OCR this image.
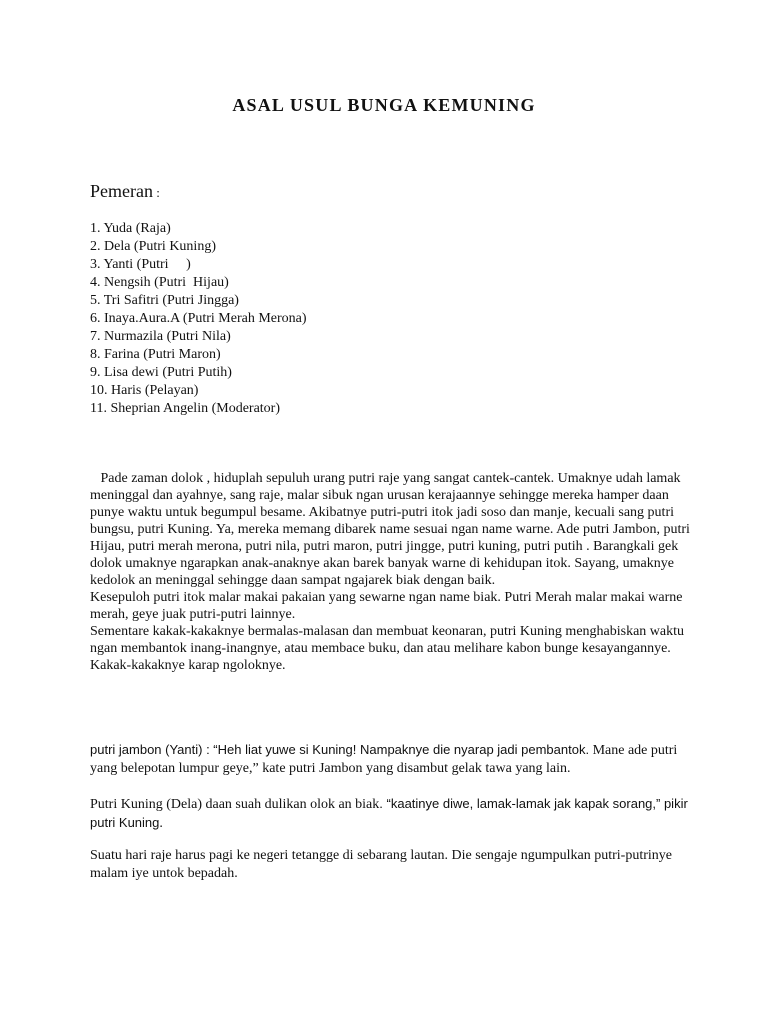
ASAL USUL BUNGA KEMUNING
Pemeran :
1. Yuda (Raja)
2. Dela (Putri Kuning)
3. Yanti (Putri     )
4. Nengsih (Putri  Hijau)
5. Tri Safitri (Putri Jingga)
6. Inaya.Aura.A (Putri Merah Merona)
7. Nurmazila (Putri Nila)
8. Farina (Putri Maron)
9. Lisa dewi (Putri Putih)
10. Haris (Pelayan)
11. Sheprian Angelin (Moderator)

Pade zaman dolok , hiduplah sepuluh urang putri raje yang sangat cantek-cantek. Umaknye udah lamak meninggal dan ayahnye, sang raje, malar sibuk ngan urusan kerajaannye sehingge mereka hamper daan punye waktu untuk begumpul besame. Akibatnye putri-putri itok jadi soso dan manje, kecuali sang putri bungsu, putri Kuning. Ya, mereka memang dibarek name sesuai ngan name warne. Ade putri Jambon, putri Hijau, putri merah merona, putri nila, putri maron, putri jingge, putri kuning, putri putih . Barangkali gek dolok umaknye ngarapkan anak-anaknye akan barek banyak warne di kehidupan itok. Sayang, umaknye kedolok an meninggal sehingge daan sampat ngajarek biak dengan baik.

Kesepuloh putri itok malar makai pakaian yang sewarne ngan name biak. Putri Merah malar makai warne merah, geye juak putri-putri lainnye.

Sementare kakak-kakaknye bermalas-malasan dan membuat keonaran, putri Kuning menghabiskan waktu ngan membantok inang-inangnye, atau membace buku, dan atau melihare kabon bunge kesayangannye. Kakak-kakaknye karap ngoloknye.

putri jambon (Yanti) : “Heh liat yuwe si Kuning! Nampaknye die nyarap jadi pembantok. Mane ade putri yang belepotan lumpur geye,” kate putri Jambon yang disambut gelak tawa yang lain.

Putri Kuning (Dela) daan suah dulikan olok an biak. “kaatinye diwe, lamak-lamak jak kapak sorang,” pikir putri Kuning.

Suatu hari raje harus pagi ke negeri tetangge di sebarang lautan. Die sengaje ngumpulkan putri-putrinye malam iye untok bepadah.
